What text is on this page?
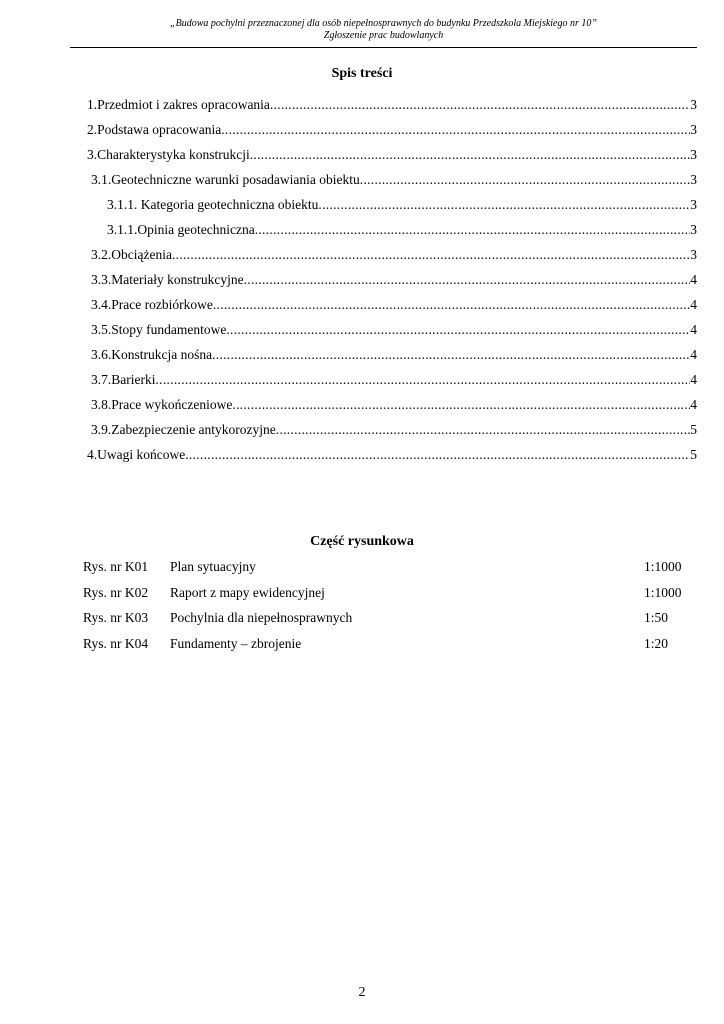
„Budowa pochylni przeznaczonej dla osób niepełnosprawnych do budynku Przedszkola Miejskiego nr 10”
Zgłoszenie prac budowlanych
Spis treści
1.Przedmiot i zakres opracowania .....	3
2.Podstawa opracowania .....	3
3.Charakterystyka konstrukcji .....	3
3.1.Geotechniczne warunki posadawiania obiektu .....	3
3.1.1. Kategoria geotechniczna obiektu .....	3
3.1.1.Opinia geotechniczna .....	3
3.2.Obciążenia .....	3
3.3.Materiały konstrukcyjne .....	4
3.4.Prace rozbiórkowe .....	4
3.5.Stopy fundamentowe .....	4
3.6.Konstrukcja nośna .....	4
3.7.Barierki .....	4
3.8.Prace wykończeniowe .....	4
3.9.Zabezpieczenie antykorozyjne .....	5
4.Uwagi końcowe .....	5
Część rysunkowa
Rys. nr K01 Plan sytuacyjny	1:1000
Rys. nr K02 Raport z mapy ewidencyjnej	1:1000
Rys. nr K03 Pochylnia dla niepełnosprawnych	1:50
Rys. nr K04 Fundamenty – zbrojenie	1:20
2
